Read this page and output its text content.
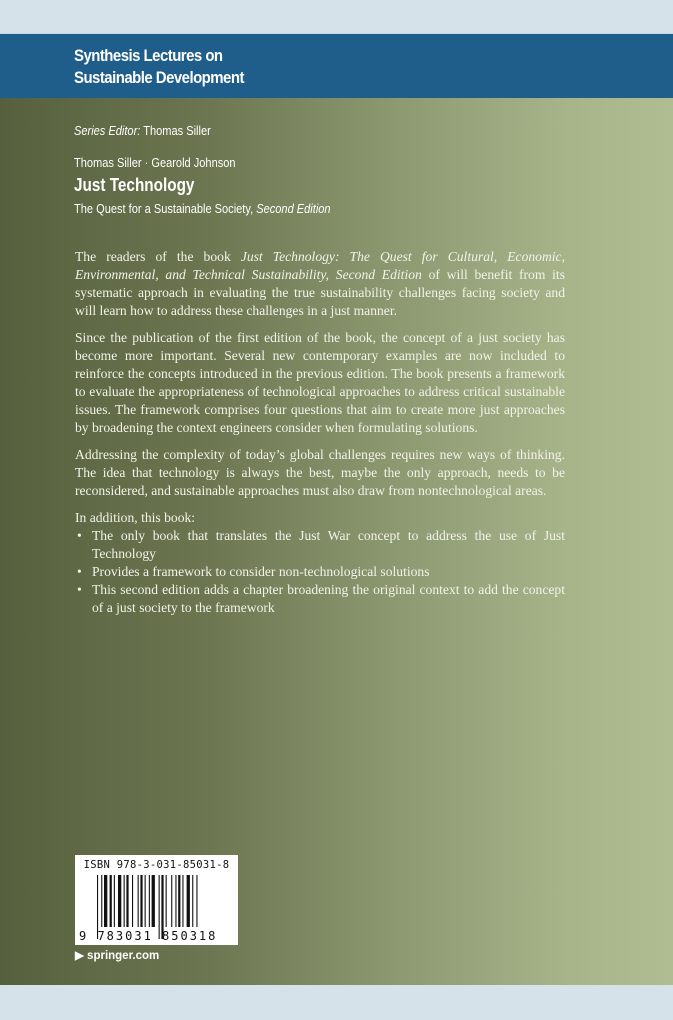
Synthesis Lectures on
Sustainable Development
Series Editor: Thomas Siller
Thomas Siller · Gearold Johnson
Just Technology
The Quest for a Sustainable Society, Second Edition

The readers of the book Just Technology: The Quest for Cultural, Economic, Environmental, and Technical Sustainability, Second Edition of will benefit from its systematic approach in evaluating the true sustainability challenges facing society and will learn how to address these challenges in a just manner.

Since the publication of the first edition of the book, the concept of a just society has become more important. Several new contemporary examples are now included to reinforce the concepts introduced in the previous edition. The book presents a framework to evaluate the appropriateness of technological approaches to address critical sustainable issues. The framework comprises four questions that aim to create more just approaches by broadening the context engineers consider when formulating solutions.

Addressing the complexity of today’s global challenges requires new ways of thinking. The idea that technology is always the best, maybe the only approach, needs to be reconsidered, and sustainable approaches must also draw from nontechnological areas.

In addition, this book:
• The only book that translates the Just War concept to address the use of Just Technology
• Provides a framework to consider non-technological solutions
• This second edition adds a chapter broadening the original context to add the concept of a just society to the framework
ISBN 978-3-031-85031-8
9 783031 850318
▶ springer.com
